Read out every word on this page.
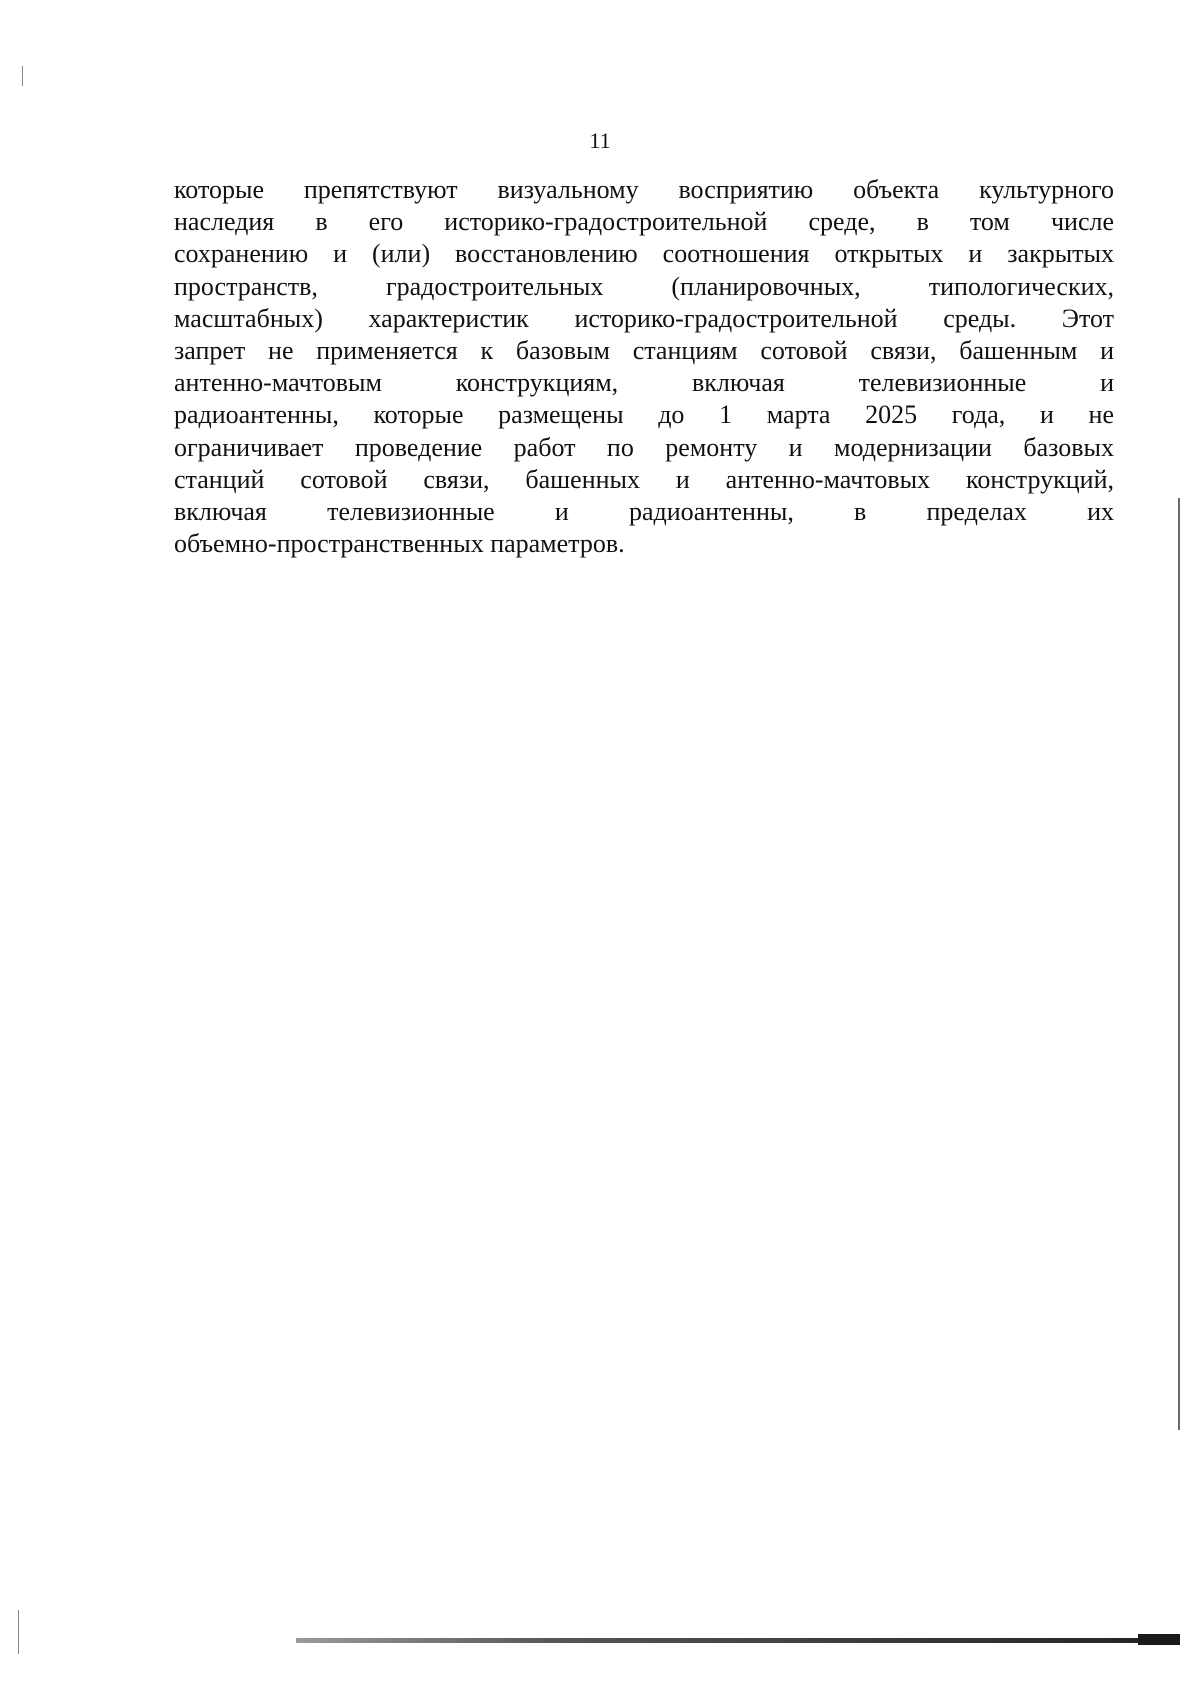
11
которые препятствуют визуальному восприятию объекта культурного
наследия в его историко-градостроительной среде, в том числе
сохранению и (или) восстановлению соотношения открытых и закрытых
пространств, градостроительных (планировочных, типологических,
масштабных) характеристик историко-градостроительной среды. Этот
запрет не применяется к базовым станциям сотовой связи, башенным и
антенно-мачтовым конструкциям, включая телевизионные и
радиоантенны, которые размещены до 1 марта 2025 года, и не
ограничивает проведение работ по ремонту и модернизации базовых
станций сотовой связи, башенных и антенно-мачтовых конструкций,
включая телевизионные и радиоантенны, в пределах их
объемно-пространственных параметров.
